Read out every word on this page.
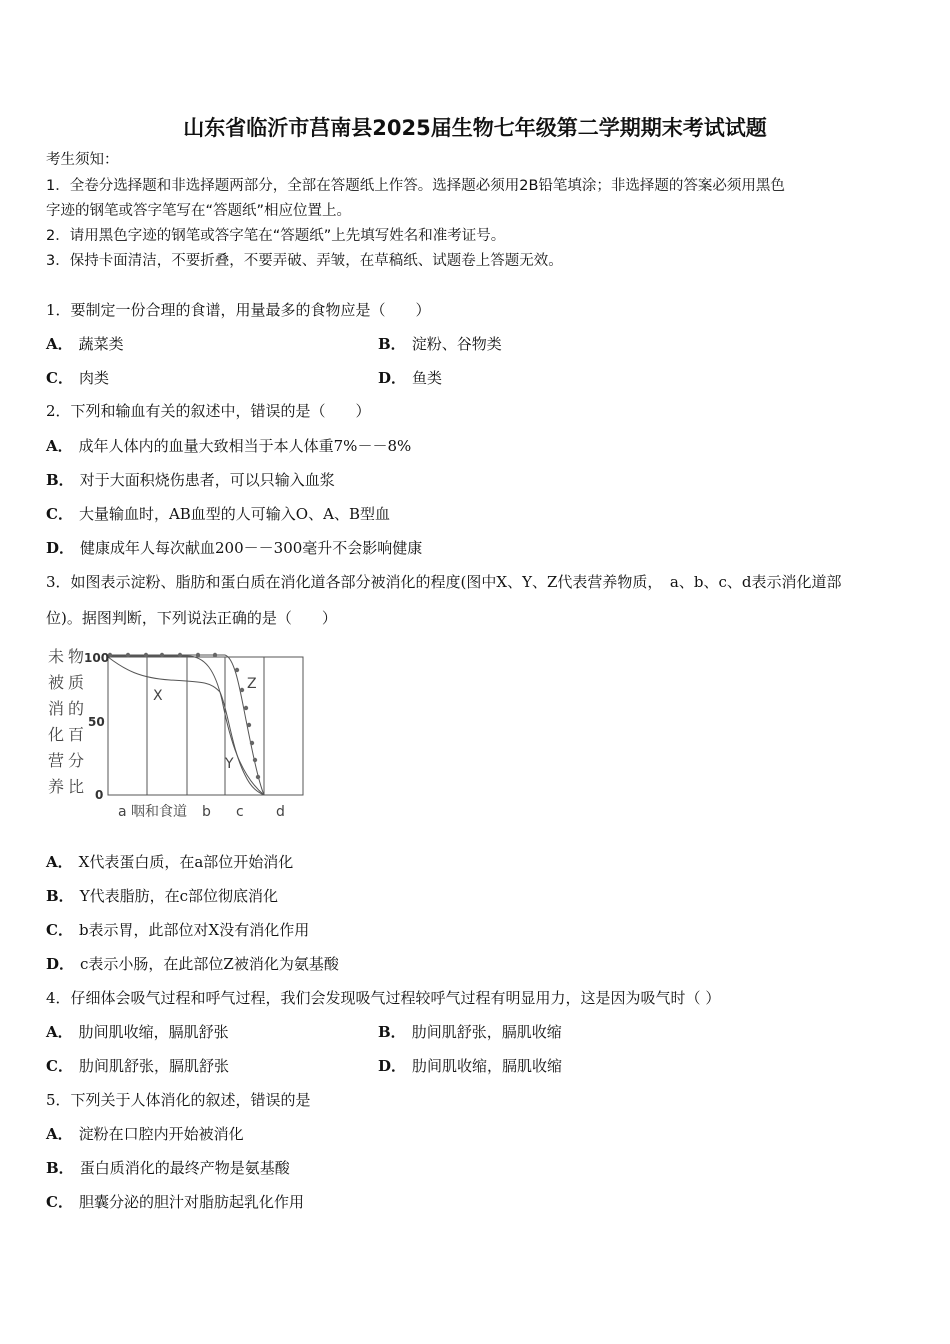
山东省临沂市莒南县2025届生物七年级第二学期期末考试试题
考生须知：
1．全卷分选择题和非选择题两部分，全部在答题纸上作答。选择题必须用2B铅笔填涂；非选择题的答案必须用黑色
字迹的钢笔或答字笔写在“答题纸”相应位置上。
2．请用黑色字迹的钢笔或答字笔在“答题纸”上先填写姓名和准考证号。
3．保持卡面清洁，不要折叠，不要弄破、弄皱，在草稿纸、试题卷上答题无效。
1．要制定一份合理的食谱，用量最多的食物应是（　　）
A． 蔬菜类	B． 淀粉、谷物类
C． 肉类	D． 鱼类
2．下列和输血有关的叙述中，错误的是（　　）
A． 成年人体内的血量大致相当于本人体重7%－－8%
B． 对于大面积烧伤患者，可以只输入血浆
C． 大量输血时，AB血型的人可输入O、A、B型血
D． 健康成年人每次献血200－－300毫升不会影响健康
3．如图表示淀粉、脂肪和蛋白质在消化道各部分被消化的程度(图中X、Y、Z代表营养物质，　a、b、c、d表示消化道部
位)。据图判断，下列说法正确的是（　　）
未
被
消
化
营
养
物
质
的
百
分
比
100
50
0
a 咽和食道 b c d
X
Y
Z
A． X代表蛋白质，在a部位开始消化
B． Y代表脂肪，在c部位彻底消化
C． b表示胃，此部位对X没有消化作用
D． c表示小肠，在此部位Z被消化为氨基酸
4．仔细体会吸气过程和呼气过程，我们会发现吸气过程较呼气过程有明显用力，这是因为吸气时（ ）
A． 肋间肌收缩，膈肌舒张	B． 肋间肌舒张，膈肌收缩
C． 肋间肌舒张，膈肌舒张	D． 肋间肌收缩，膈肌收缩
5．下列关于人体消化的叙述，错误的是
A． 淀粉在口腔内开始被消化
B． 蛋白质消化的最终产物是氨基酸
C． 胆囊分泌的胆汁对脂肪起乳化作用
